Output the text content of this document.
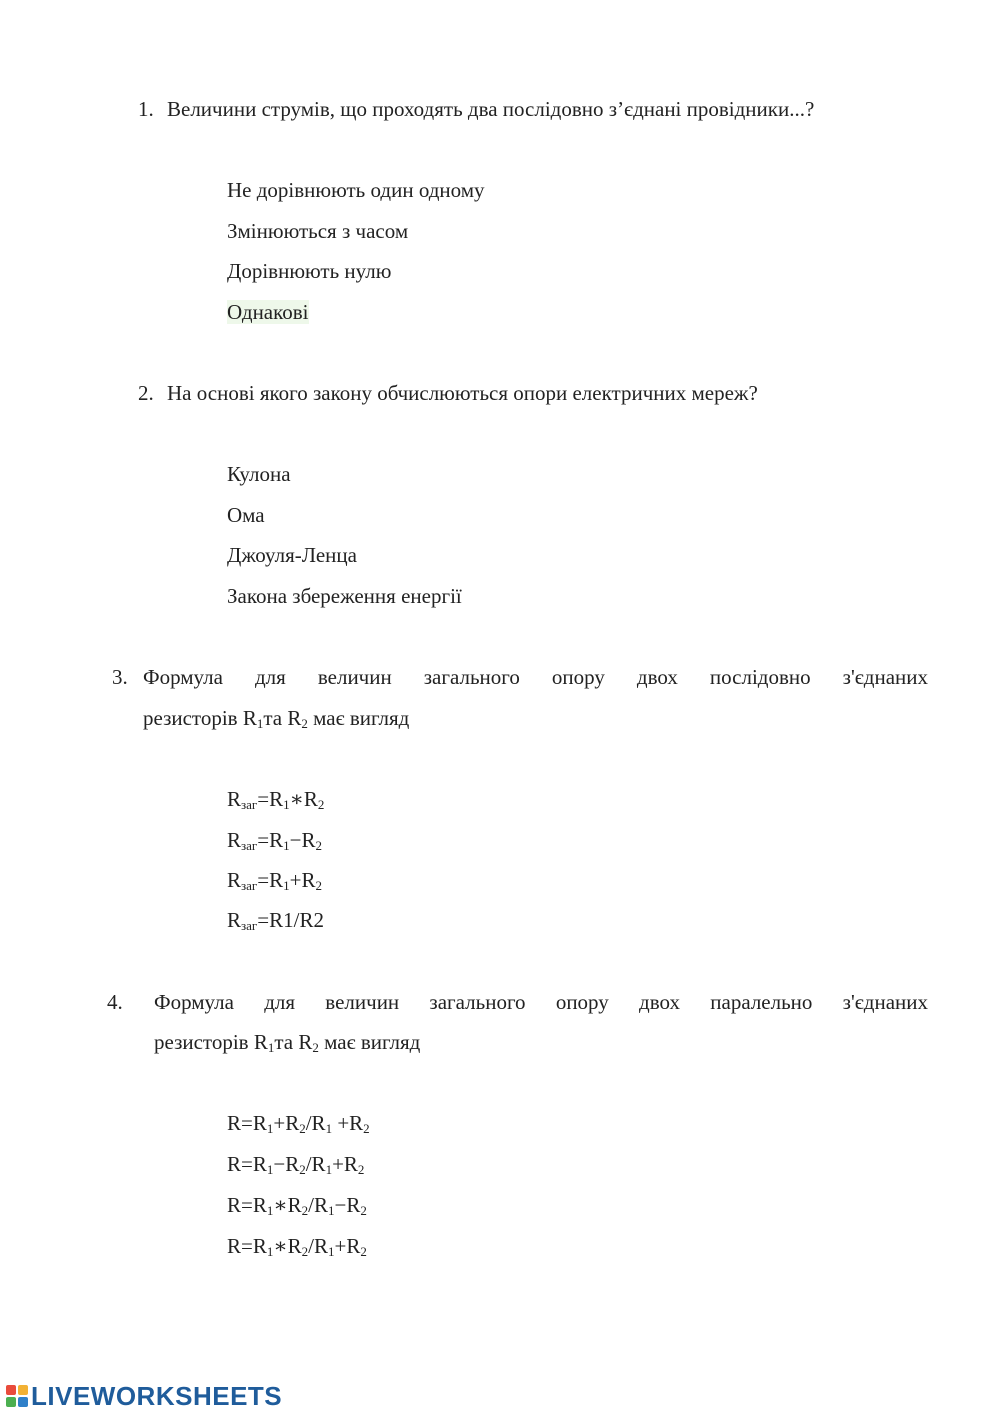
1. Величини струмів, що проходять два послідовно з’єднані провідники...?
Не дорівнюють один одному
Змінюються з часом
Дорівнюють нулю
Однакові
2. На основі якого закону обчислюються опори електричних мереж?
Кулона
Ома
Джоуля-Ленца
Закона збереження енергії
3. Формула для величин загального опору двох послідовно з'єднаних
резисторів $R_1та$ $R_2$ має вигляд
$R_{заг}=R_1∗R_2$
$R_{заг}=R_1-R_2$
$R_{заг}=R_1+R_2$
$R_{заг}=R1/R2$
4. Формула для величин загального опору двох паралельно з'єднаних
резисторів $R_1та$ $R_2$ має вигляд
$R=R_1+R_2/R_1 +R_2$
$R=R_1-R_2/R_1+R_2$
$R=R_1∗R_2/R_1-R_2$
$R=R_1∗R_2/R_1+R_2$
LIVEWORKSHEETS
